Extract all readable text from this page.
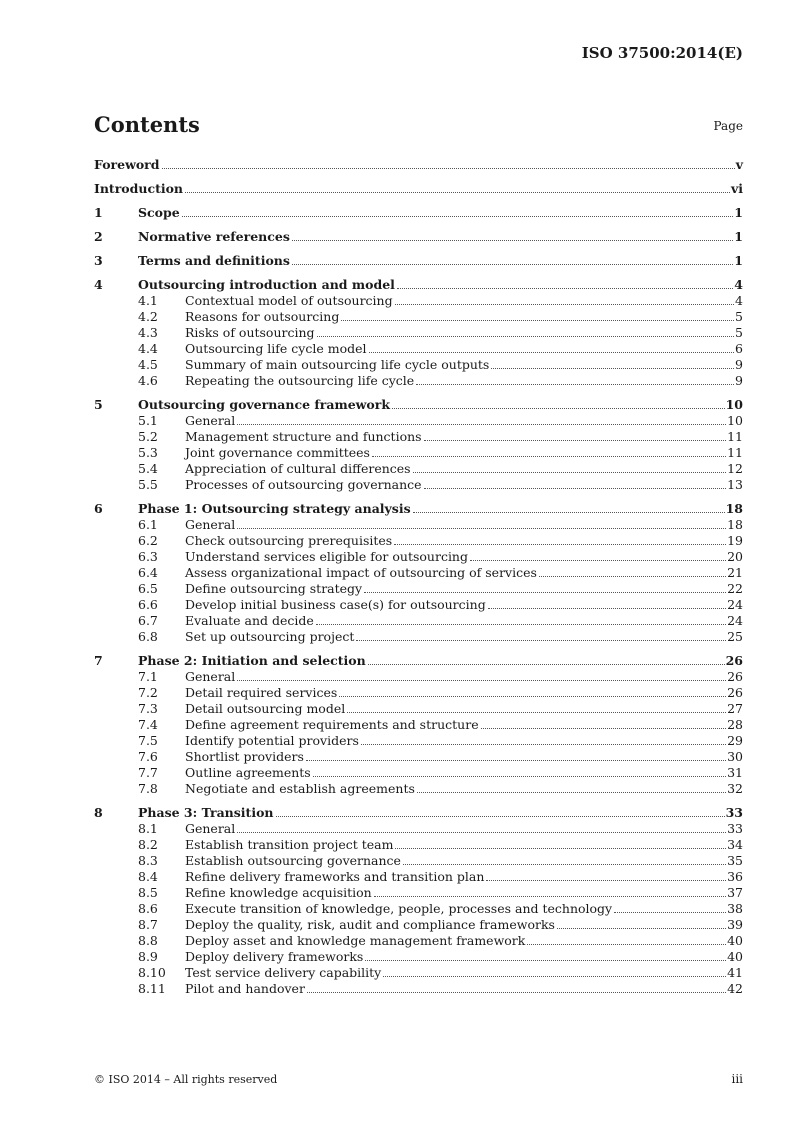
ISO 37500:2014(E)
Contents	Page
Foreword	v
Introduction	vi
1	Scope	1
2	Normative references	1
3	Terms and definitions	1
4	Outsourcing introduction and model	4
4.1 Contextual model of outsourcing	4
4.2 Reasons for outsourcing	5
4.3 Risks of outsourcing	5
4.4 Outsourcing life cycle model	6
4.5 Summary of main outsourcing life cycle outputs	9
4.6 Repeating the outsourcing life cycle	9
5	Outsourcing governance framework	10
5.1 General	10
5.2 Management structure and functions	11
5.3 Joint governance committees	11
5.4 Appreciation of cultural differences	12
5.5 Processes of outsourcing governance	13
6	Phase 1: Outsourcing strategy analysis	18
6.1 General	18
6.2 Check outsourcing prerequisites	19
6.3 Understand services eligible for outsourcing	20
6.4 Assess organizational impact of outsourcing of services	21
6.5 Define outsourcing strategy	22
6.6 Develop initial business case(s) for outsourcing	24
6.7 Evaluate and decide	24
6.8 Set up outsourcing project	25
7	Phase 2: Initiation and selection	26
7.1 General	26
7.2 Detail required services	26
7.3 Detail outsourcing model	27
7.4 Define agreement requirements and structure	28
7.5 Identify potential providers	29
7.6 Shortlist providers	30
7.7 Outline agreements	31
7.8 Negotiate and establish agreements	32
8	Phase 3: Transition	33
8.1 General	33
8.2 Establish transition project team	34
8.3 Establish outsourcing governance	35
8.4 Refine delivery frameworks and transition plan	36
8.5 Refine knowledge acquisition	37
8.6 Execute transition of knowledge, people, processes and technology	38
8.7 Deploy the quality, risk, audit and compliance frameworks	39
8.8 Deploy asset and knowledge management framework	40
8.9 Deploy delivery frameworks	40
8.10 Test service delivery capability	41
8.11 Pilot and handover	42
© ISO 2014 – All rights reserved	iii
